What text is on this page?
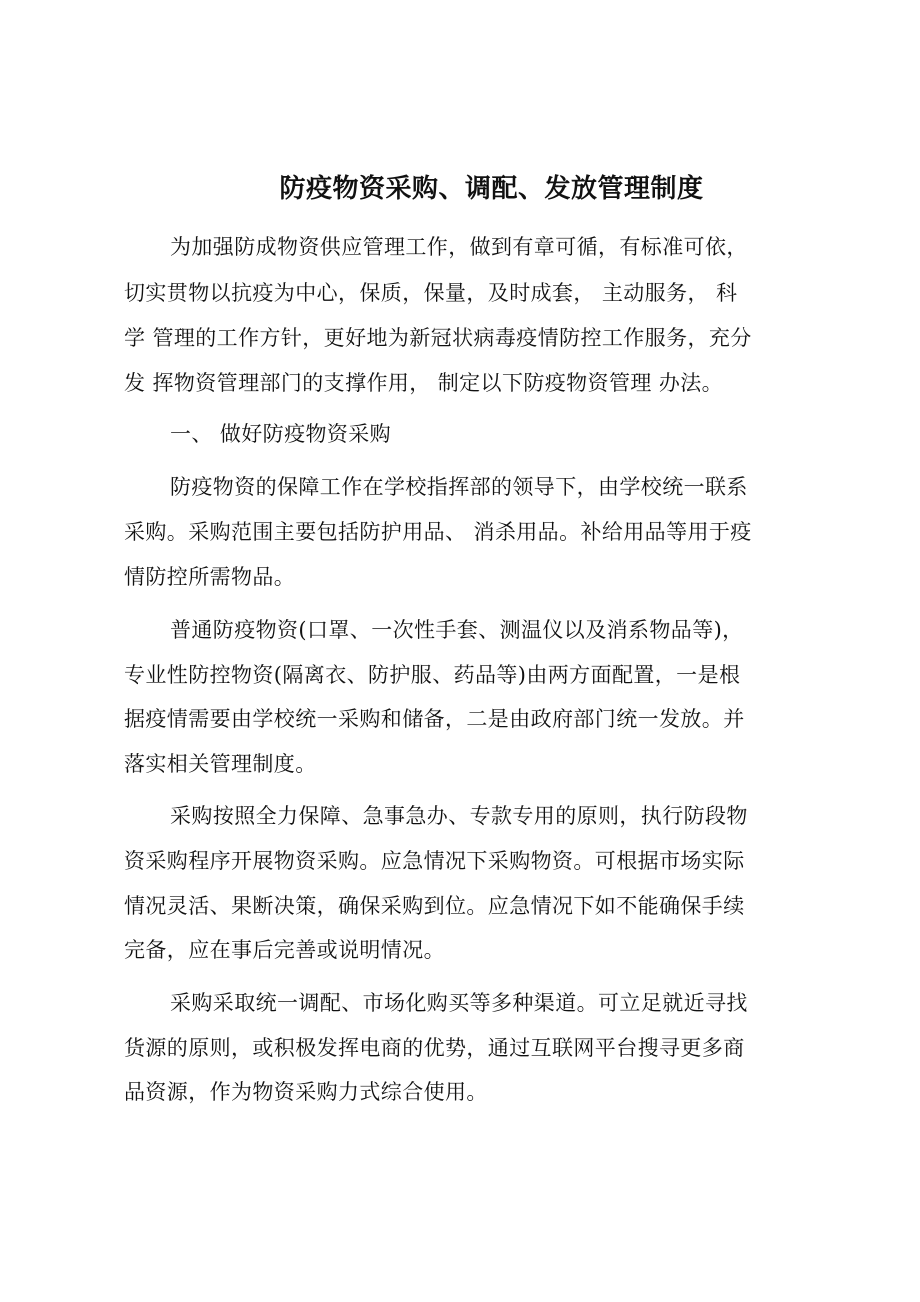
防疫物资采购、调配、发放管理制度

为加强防成物资供应管理工作，做到有章可循，有标准可依，

切实贯物以抗疫为中心，保质，保量，及时成套， 主动服务， 科

学 管理的工作方针，更好地为新冠状病毒疫情防控工作服务，充分

发 挥物资管理部门的支撑作用， 制定以下防疫物资管理 办法。

一、 做好防疫物资采购

防疫物资的保障工作在学校指挥部的领导下，由学校统一联系

采购。采购范围主要包括防护用品、 消杀用品。补给用品等用于疫

情防控所需物品。

普通防疫物资(口罩、一次性手套、测温仪以及消系物品等)，

专业性防控物资(隔离衣、防护服、药品等)由两方面配置，一是根

据疫情需要由学校统一采购和储备，二是由政府部门统一发放。并

落实相关管理制度。

采购按照全力保障、急事急办、专款专用的原则，执行防段物

资采购程序开展物资采购。应急情况下采购物资。可根据市场实际

情况灵活、果断决策，确保采购到位。应急情况下如不能确保手续

完备，应在事后完善或说明情况。

采购采取统一调配、市场化购买等多种渠道。可立足就近寻找

货源的原则，或积极发挥电商的优势，通过互联网平台搜寻更多商

品资源，作为物资采购力式综合使用。
